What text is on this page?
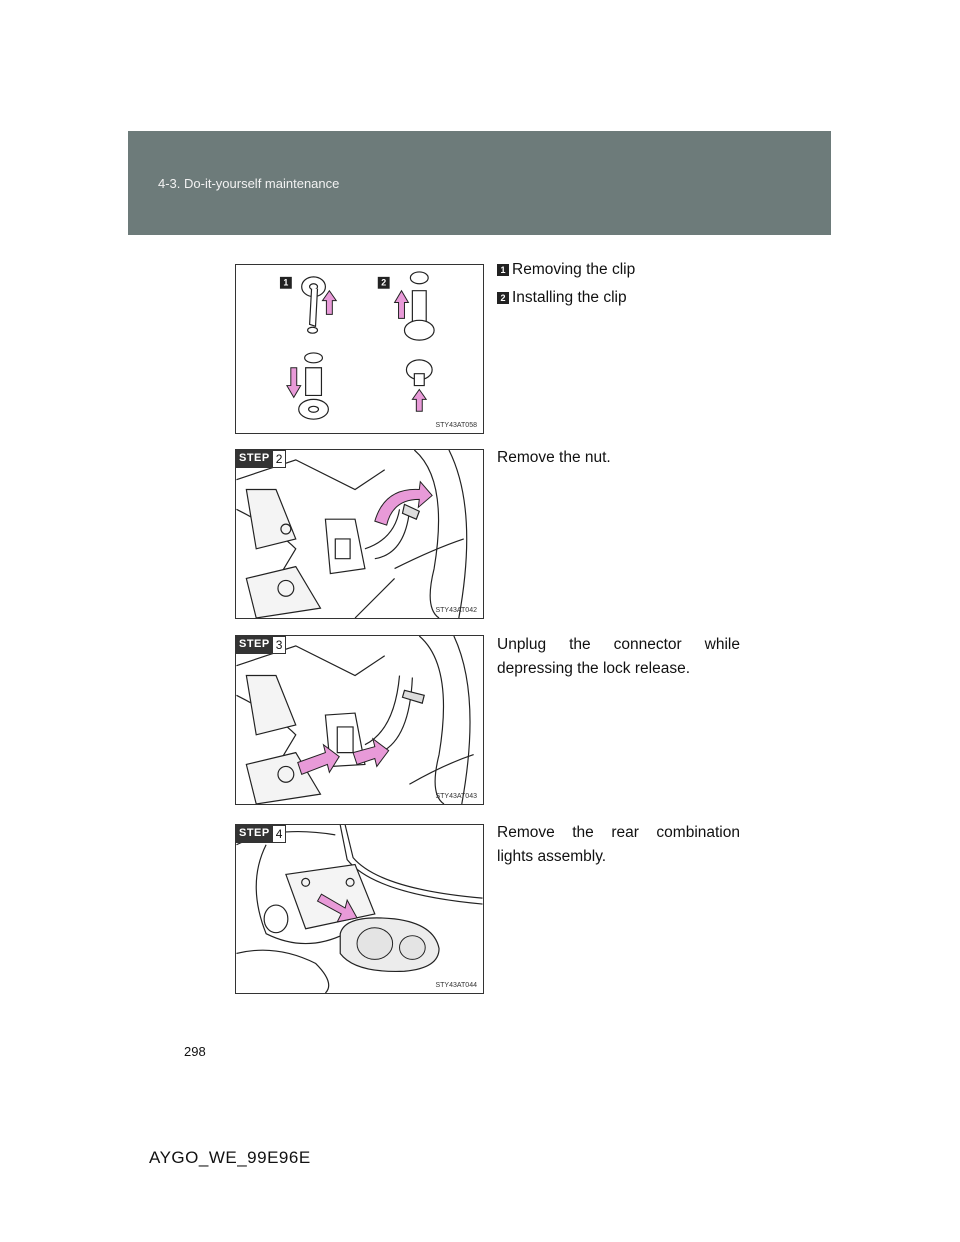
4-3. Do-it-yourself maintenance
1	2
STY43AT058
STEP 2
STY43AT042
STEP 3
STY43AT043
STEP 4
STY43AT044
1 Removing the clip
2 Installing the clip
Remove the nut.
Unplug the connector while depressing the lock release.
Remove the rear combination lights assembly.
298
AYGO_WE_99E96E
